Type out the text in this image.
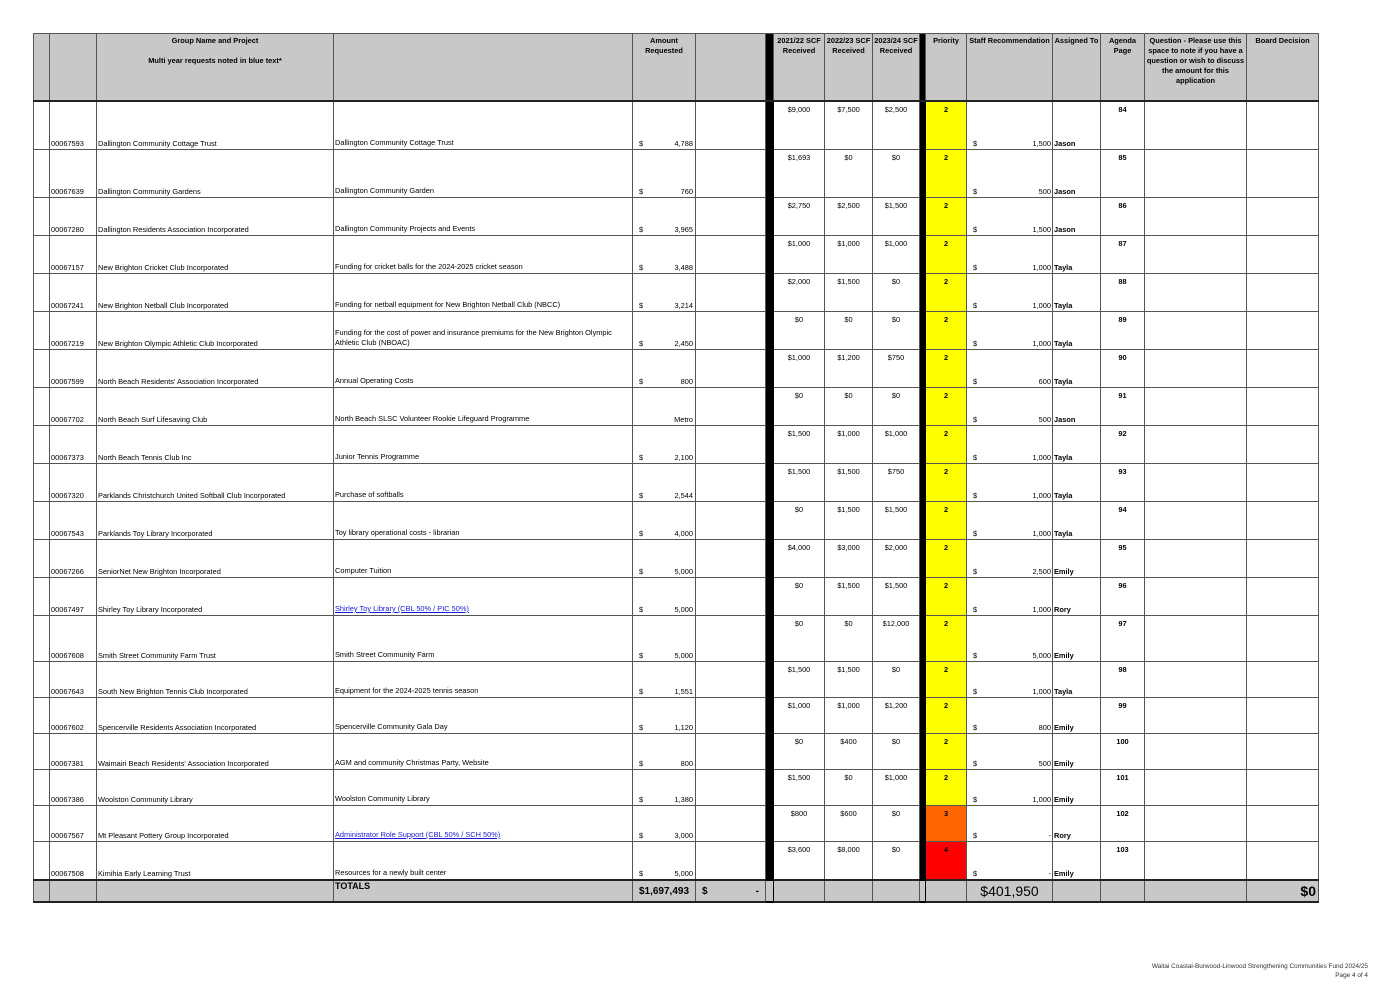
		Group Name and Project
Multi year requests noted in blue text*		Amount Requested			2021/22 SCF Received	2022/23 SCF Received	2023/24 SCF Received		Priority	Staff Recommendation	Assigned To	Agenda Page	Question - Please use this space to note if you have a question or wish to discuss the amount for this application	Board Decision
	00067593	Dallington Community Cottage Trust	Dallington Community Cottage Trust	$ 4,788			$9,000	$7,500	$2,500		2	$ 1,500	Jason	84		
	00067639	Dallington Community Gardens	Dallington Community Garden	$ 760			$1,693	$0	$0		2	$ 500	Jason	85		
	00067280	Dallington Residents Association Incorporated	Dallington Community Projects and Events	$ 3,965			$2,750	$2,500	$1,500		2	$ 1,500	Jason	86		
	00067157	New Brighton Cricket Club Incorporated	Funding for cricket balls for the 2024-2025 cricket season	$ 3,488			$1,000	$1,000	$1,000		2	$ 1,000	Tayla	87		
	00067241	New Brighton Netball Club Incorporated	Funding for netball equipment for New Brighton Netball Club (NBCC)	$ 3,214			$2,000	$1,500	$0		2	$ 1,000	Tayla	88		
	00067219	New Brighton Olympic Athletic Club Incorporated	Funding for the cost of power and insurance premiums for the New Brighton Olympic Athletic Club (NBOAC)	$ 2,450			$0	$0	$0		2	$ 1,000	Tayla	89		
	00067599	North Beach Residents' Association Incorporated	Annual Operating Costs	$ 800			$1,000	$1,200	$750		2	$ 600	Tayla	90		
	00067702	North Beach Surf Lifesaving Club	North Beach SLSC Volunteer Rookie Lifeguard Programme	Metro			$0	$0	$0		2	$ 500	Jason	91		
	00067373	North Beach Tennis Club Inc	Junior Tennis Programme	$ 2,100			$1,500	$1,000	$1,000		2	$ 1,000	Tayla	92		
	00067320	Parklands Christchurch United Softball Club Incorporated	Purchase of softballs	$ 2,544			$1,500	$1,500	$750		2	$ 1,000	Tayla	93		
	00067543	Parklands Toy Library Incorporated	Toy library operational costs - librarian	$ 4,000			$0	$1,500	$1,500		2	$ 1,000	Tayla	94		
	00067266	SeniorNet New Brighton Incorporated	Computer Tuition	$ 5,000			$4,000	$3,000	$2,000		2	$ 2,500	Emily	95		
	00067497	Shirley Toy Library Incorporated	Shirley Toy Library (CBL 50% / PIC 50%)	$ 5,000			$0	$1,500	$1,500		2	$ 1,000	Rory	96		
	00067608	Smith Street Community Farm Trust	Smith Street Community Farm	$ 5,000			$0	$0	$12,000		2	$ 5,000	Emily	97		
	00067643	South New Brighton Tennis Club Incorporated	Equipment for the 2024-2025 tennis season	$ 1,551			$1,500	$1,500	$0		2	$ 1,000	Tayla	98		
	00067602	Spencerville Residents Association Incorporated	Spencerville Community Gala Day	$ 1,120			$1,000	$1,000	$1,200		2	$ 800	Emily	99		
	00067381	Waimairi Beach Residents' Association Incorporated	AGM and community Christmas Party, Website	$ 800			$0	$400	$0		2	$ 500	Emily	100		
	00067386	Woolston Community Library	Woolston Community Library	$ 1,380			$1,500	$0	$1,000		2	$ 1,000	Emily	101		
	00067567	Mt Pleasant Pottery Group Incorporated	Administrator Role Support (CBL 50% / SCH 50%)	$ 3,000			$800	$600	$0		3	$ -	Rory	102		
	00067508	Kimihia Early Learning Trust	Resources for a newly built center	$ 5,000			$3,600	$8,000	$0		4	$ -	Emily	103		
			TOTALS	$1,697,493	$ -							$401,950				$0
Waitai Coastal-Burwood-Linwood Strengthening Communities Fund 2024/25
Page 4 of 4
